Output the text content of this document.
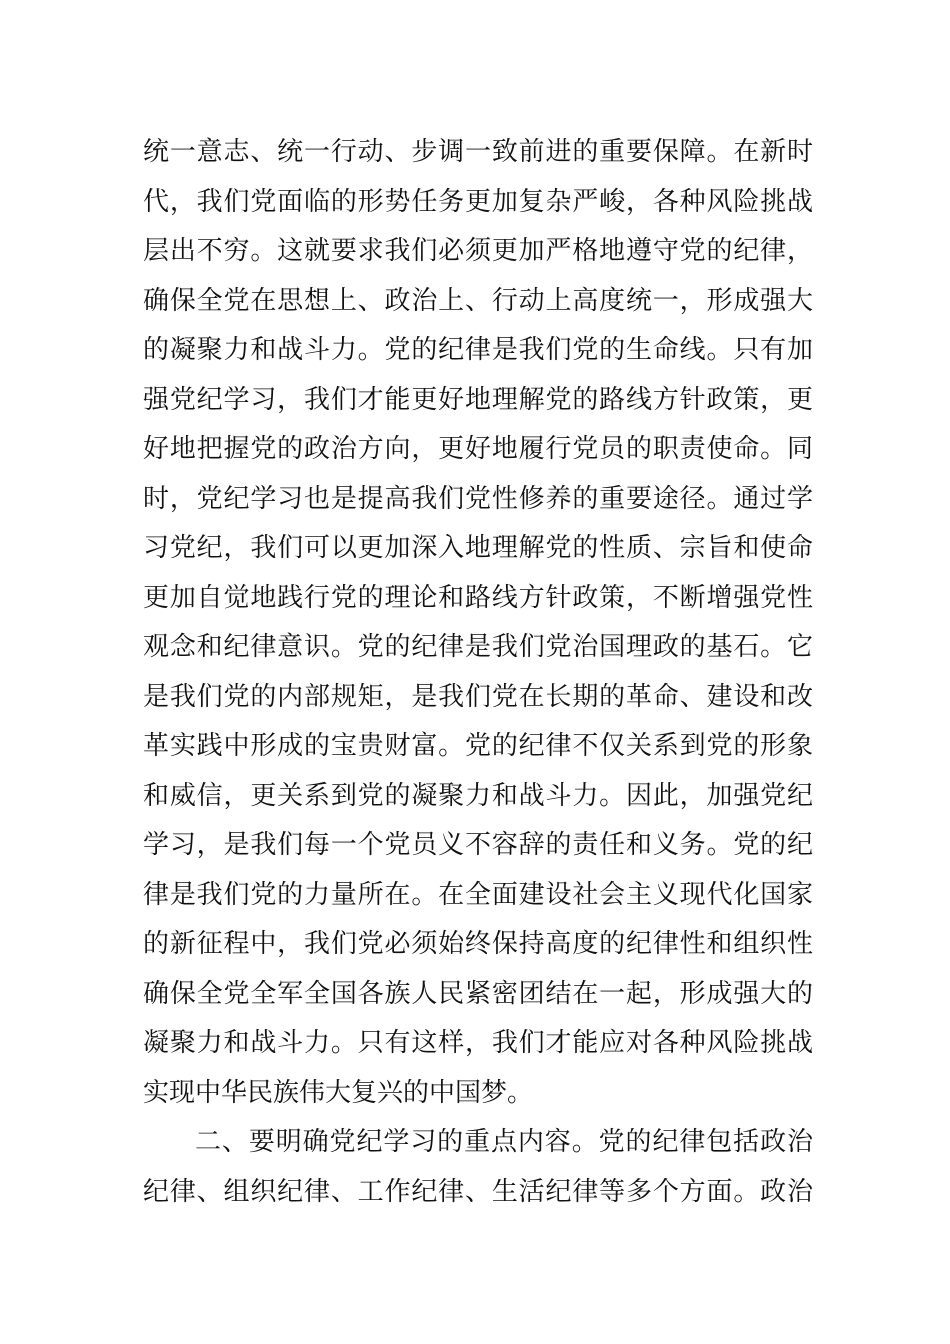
统一意志、统一行动、步调一致前进的重要保障。在新时
代，我们党面临的形势任务更加复杂严峻，各种风险挑战
层出不穷。这就要求我们必须更加严格地遵守党的纪律，
确保全党在思想上、政治上、行动上高度统一，形成强大
的凝聚力和战斗力。党的纪律是我们党的生命线。只有加
强党纪学习，我们才能更好地理解党的路线方针政策，更
好地把握党的政治方向，更好地履行党员的职责使命。同
时，党纪学习也是提高我们党性修养的重要途径。通过学
习党纪，我们可以更加深入地理解党的性质、宗旨和使命
更加自觉地践行党的理论和路线方针政策，不断增强党性
观念和纪律意识。党的纪律是我们党治国理政的基石。它
是我们党的内部规矩，是我们党在长期的革命、建设和改
革实践中形成的宝贵财富。党的纪律不仅关系到党的形象
和威信，更关系到党的凝聚力和战斗力。因此，加强党纪
学习，是我们每一个党员义不容辞的责任和义务。党的纪
律是我们党的力量所在。在全面建设社会主义现代化国家
的新征程中，我们党必须始终保持高度的纪律性和组织性
确保全党全军全国各族人民紧密团结在一起，形成强大的
凝聚力和战斗力。只有这样，我们才能应对各种风险挑战
实现中华民族伟大复兴的中国梦。
二、要明确党纪学习的重点内容。党的纪律包括政治
纪律、组织纪律、工作纪律、生活纪律等多个方面。政治
